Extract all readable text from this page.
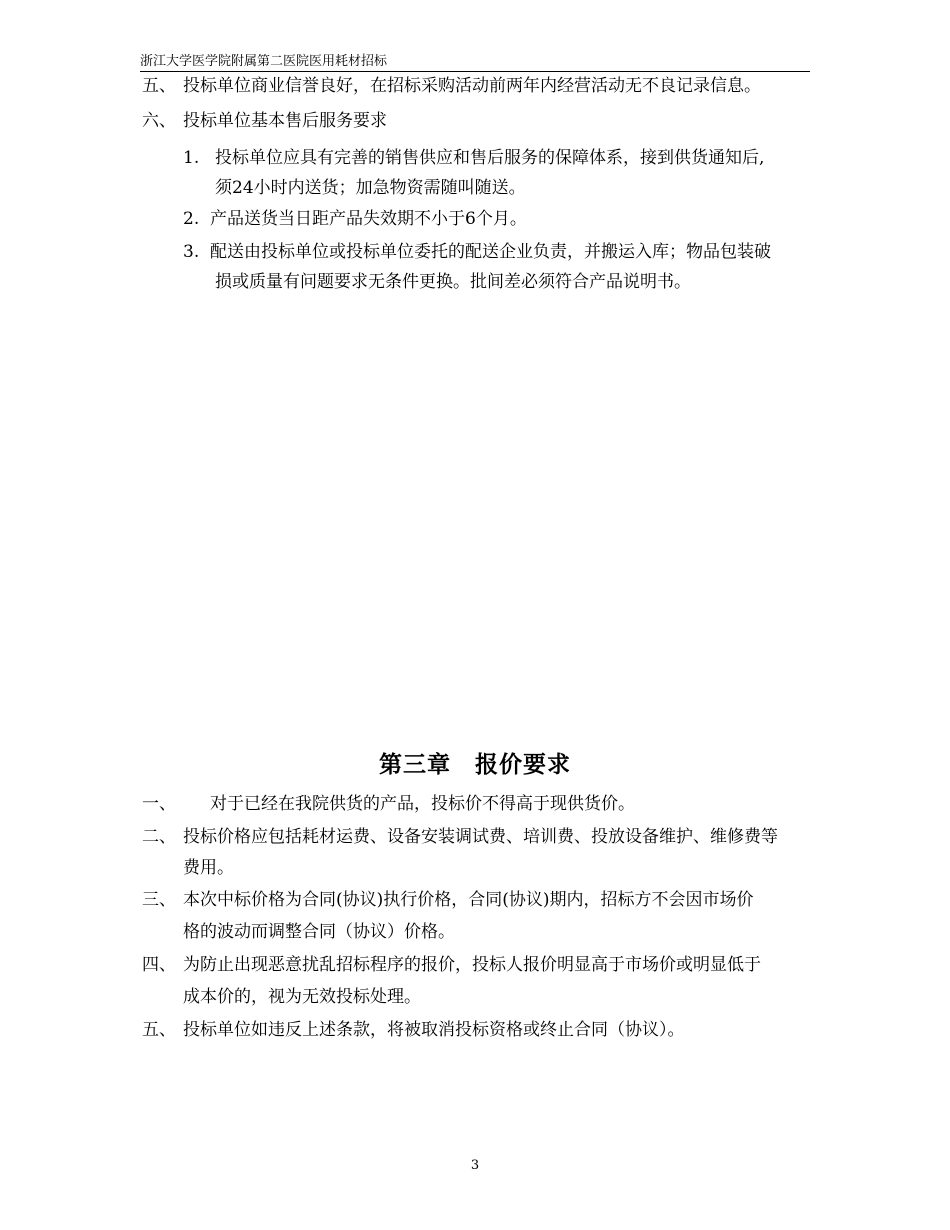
浙江大学医学院附属第二医院医用耗材招标
五、 投标单位商业信誉良好，在招标采购活动前两年内经营活动无不良记录信息。
六、 投标单位基本售后服务要求
1. 投标单位应具有完善的销售供应和售后服务的保障体系，接到供货通知后,
须24小时内送货；加急物资需随叫随送。
2. 产品送货当日距产品失效期不小于6个月。
3. 配送由投标单位或投标单位委托的配送企业负责，并搬运入库；物品包装破
损或质量有问题要求无条件更换。批间差必须符合产品说明书。
第三章　报价要求
一、 对于已经在我院供货的产品，投标价不得高于现供货价。
二、 投标价格应包括耗材运费、设备安装调试费、培训费、投放设备维护、维修费等
费用。
三、 本次中标价格为合同(协议)执行价格，合同(协议)期内，招标方不会因市场价
格的波动而调整合同（协议）价格。
四、 为防止出现恶意扰乱招标程序的报价，投标人报价明显高于市场价或明显低于
成本价的，视为无效投标处理。
五、 投标单位如违反上述条款，将被取消投标资格或终止合同（协议）。
3
